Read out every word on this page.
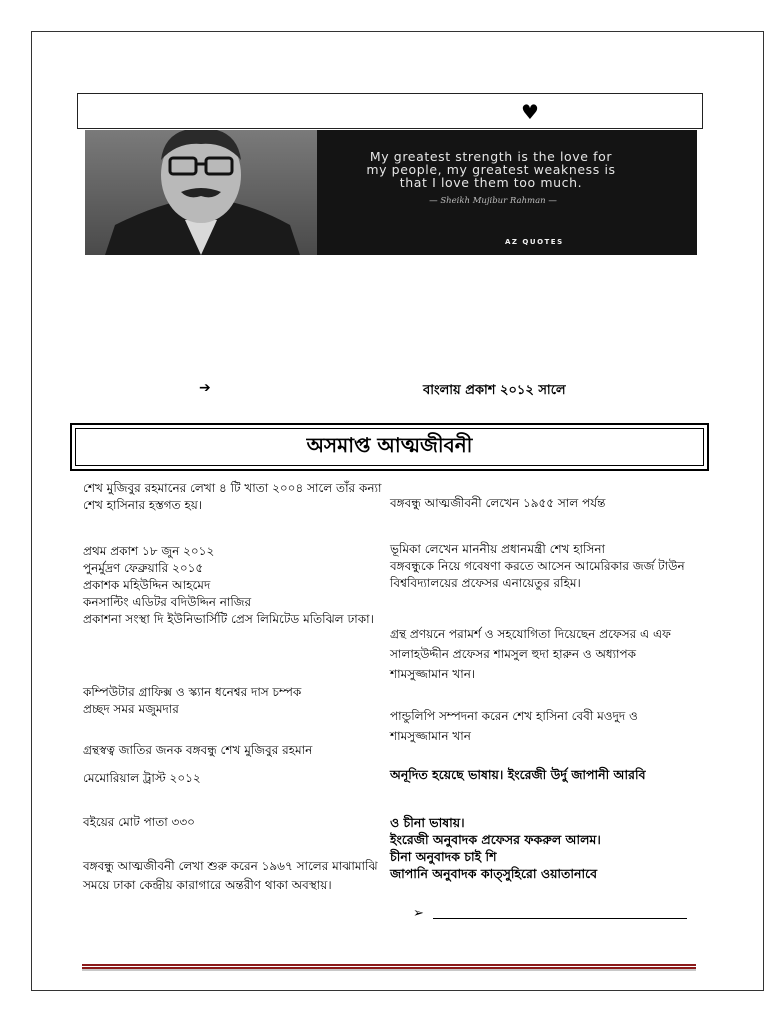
♥
My greatest strength is the love for
my people, my greatest weakness is
that I love them too much.
— Sheikh Mujibur Rahman —
AZ QUOTES
➔	বাংলায় প্রকাশ ২০১২ সালে
অসমাপ্ত আত্মজীবনী

শেখ মুজিবুর রহমানের লেখা ৪ টি খাতা ২০০৪ সালে তাঁর কন্যা শেখ হাসিনার হস্তগত হয়।

প্রথম প্রকাশ ১৮ জুন ২০১২

পুনর্মুদ্রণ ফেব্রুয়ারি ২০১৫

প্রকাশক মহিউদ্দিন আহমেদ

কনসাল্টিং এডিটর বদিউদ্দিন নাজির

প্রকাশনা সংস্থা দি ইউনিভার্সিটি প্রেস লিমিটেড মতিঝিল ঢাকা।

কম্পিউটার গ্রাফিক্স ও স্ক্যান ধনেশ্বর দাস চম্পক

প্রচ্ছদ সমর মজুমদার

গ্রন্থস্বত্ব জাতির জনক বঙ্গবন্ধু শেখ মুজিবুর রহমান
মেমোরিয়াল ট্রাস্ট ২০১২
বইয়ের মোট পাতা ৩৩০
বঙ্গবন্ধু আত্মজীবনী লেখা শুরু করেন ১৯৬৭ সালের মাঝামাঝি সময়ে ঢাকা কেন্দ্রীয় কারাগারে অন্তরীণ থাকা অবস্থায়।
বঙ্গবন্ধু আত্মজীবনী লেখেন ১৯৫৫ সাল পর্যন্ত

ভূমিকা লেখেন মাননীয় প্রধানমন্ত্রী শেখ হাসিনা

বঙ্গবন্ধুকে নিয়ে গবেষণা করতে আসেন আমেরিকার জর্জ টাউন বিশ্ববিদ্যালয়ের প্রফেসর এনায়েতুর রহিম।

গ্রন্থ প্রণয়নে পরামর্শ ও সহযোগিতা দিয়েছেন প্রফেসর এ এফ সালাহউদ্দীন প্রফেসর শামসুল হুদা হারুন ও অধ্যাপক শামসুজ্জামান খান।
পান্ডুলিপি সম্পদনা করেন শেখ হাসিনা বেবী মওদুদ ও শামসুজ্জামান খান
অনূদিত হয়েছে ভাষায়। ইংরেজী উর্দু জাপানী আরবি

ও চীনা ভাষায়।

ইংরেজী অনুবাদক প্রফেসর ফকরুল আলম।

চীনা অনুবাদক চাই শি

জাপানি অনুবাদক কাত্সুহিরো ওয়াতানাবে

➢
